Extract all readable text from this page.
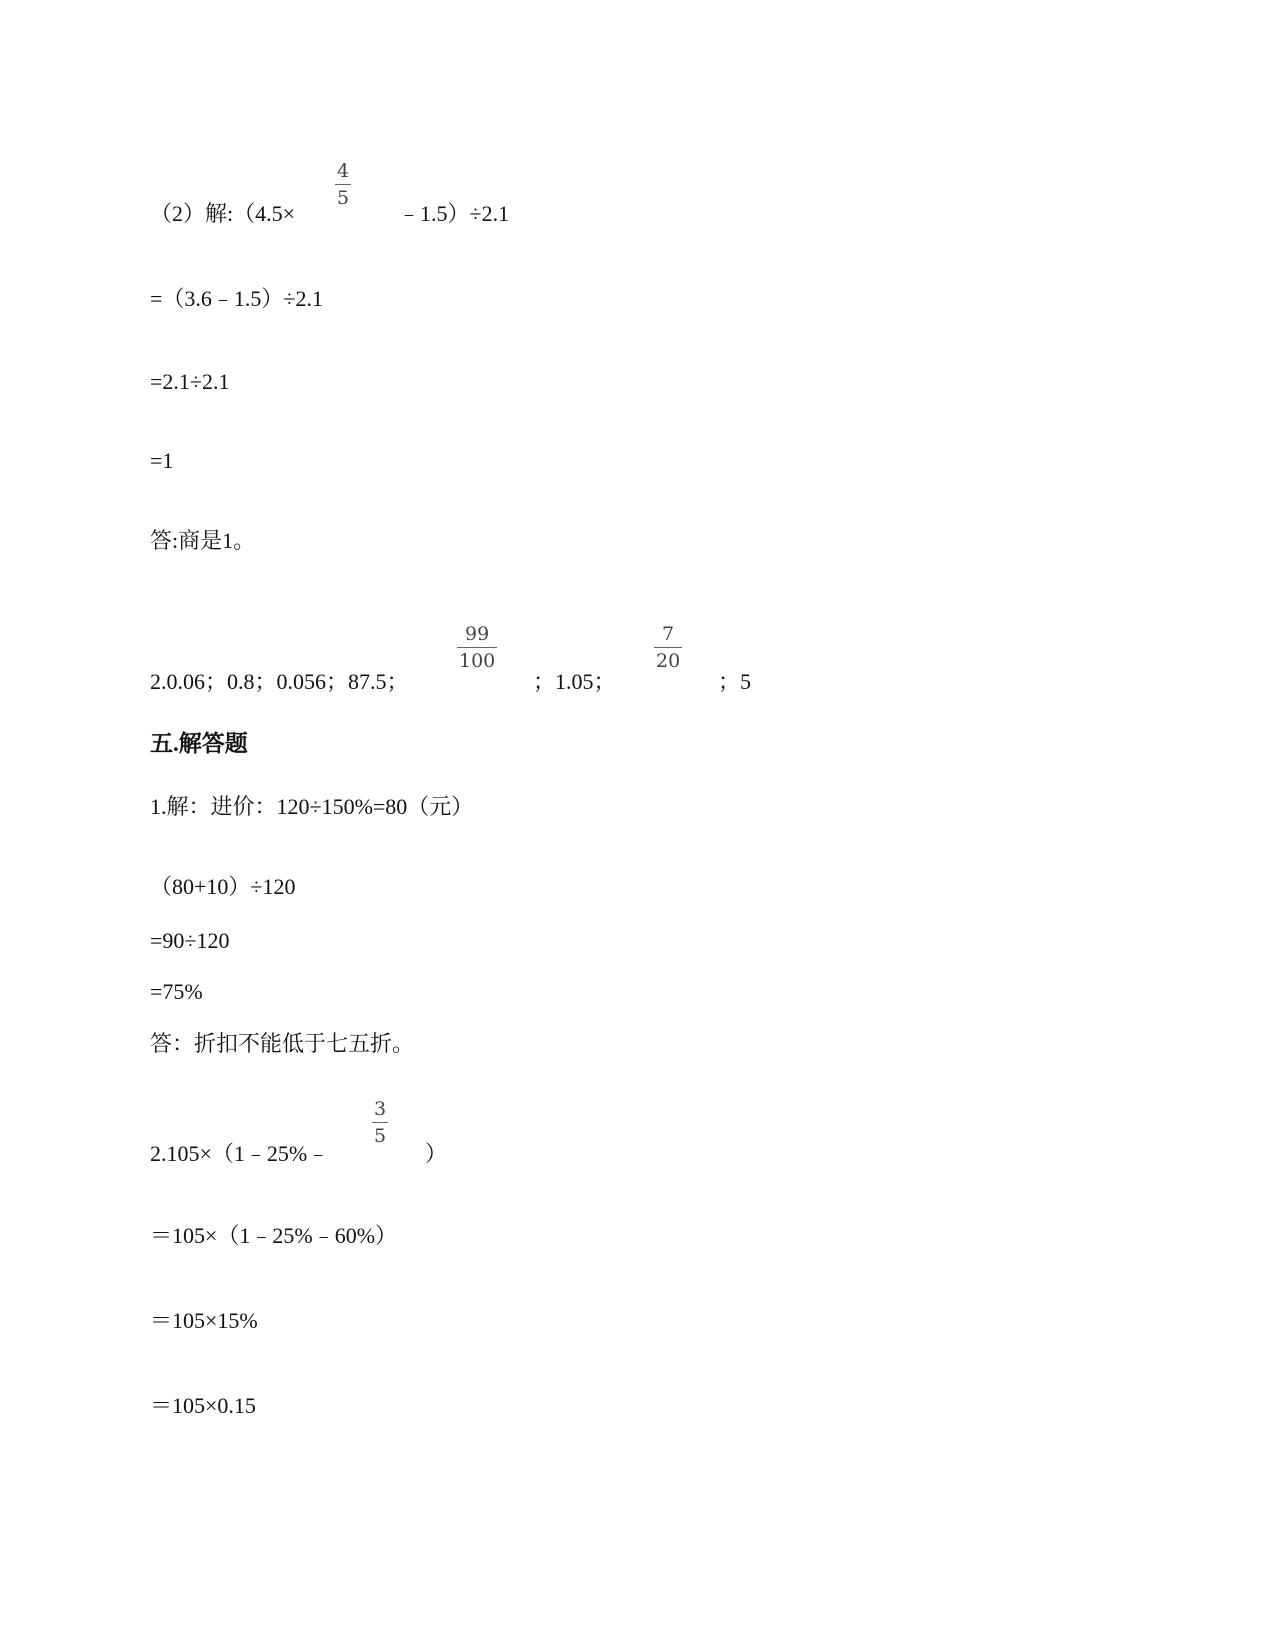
（2）解:（4.5×
4
5
﹣1.5）÷2.1
=（3.6﹣1.5）÷2.1
=2.1÷2.1
=1
答:商是1。
2.0.06；0.8；0.056；87.5；
99
100
；1.05；
7
20
；5
五.解答题
1.解：进价：120÷150%=80（元）
（80+10）÷120
=90÷120
=75%
答：折扣不能低于七五折。
2.105×（1﹣25%﹣
3
5
）
＝105×（1﹣25%﹣60%）
＝105×15%
＝105×0.15
